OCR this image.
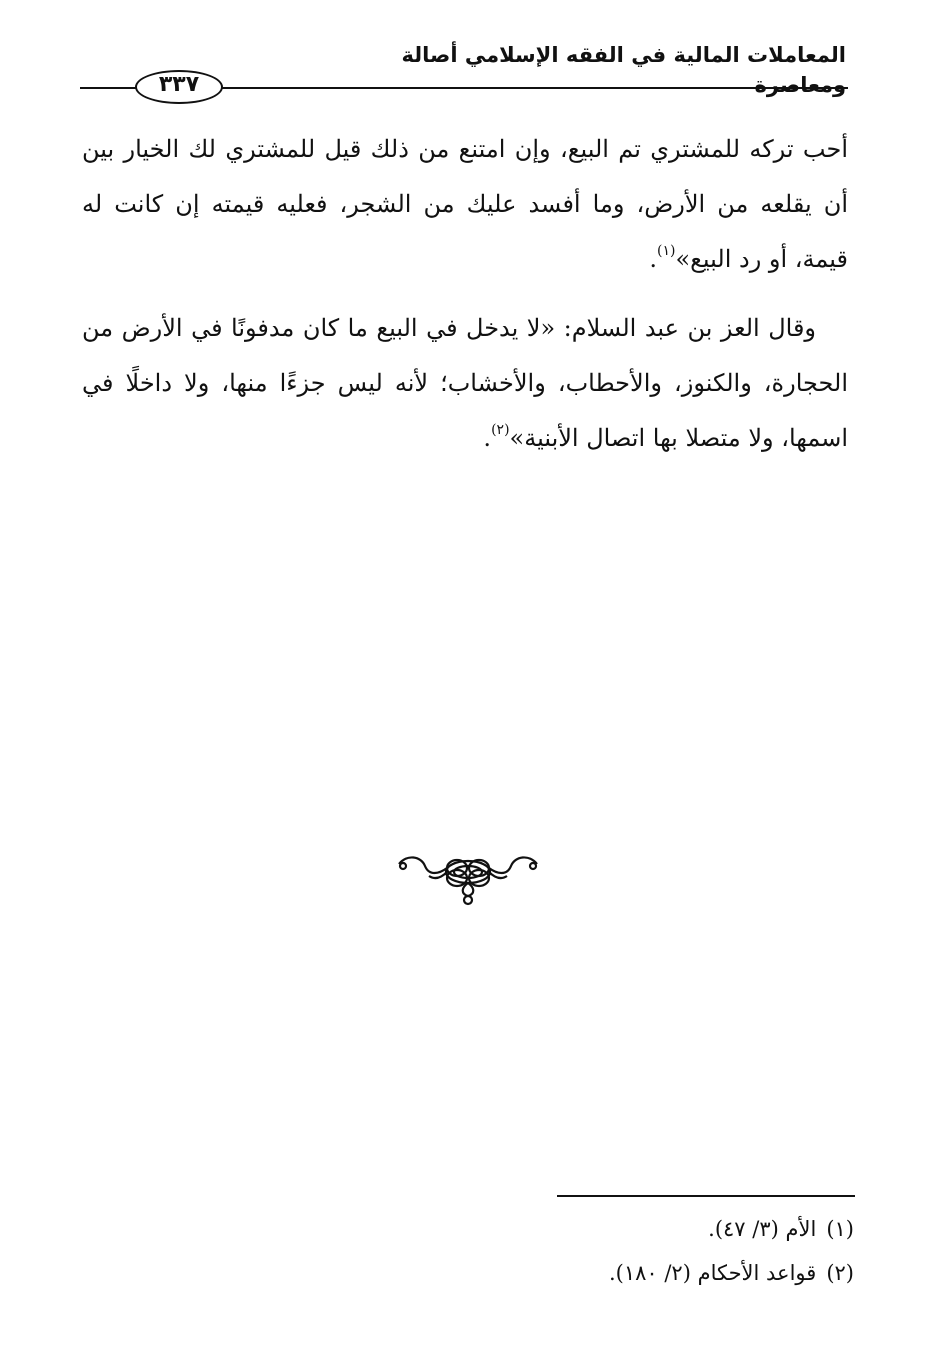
المعاملات المالية في الفقه الإسلامي أصالة ومعاصرة
٣٣٧

أحب تركه للمشتري تم البيع، وإن امتنع من ذلك قيل للمشتري لك الخيار بين أن يقلعه من الأرض، وما أفسد عليك من الشجر، فعليه قيمته إن كانت له قيمة، أو رد البيع»$^{(١)}$.

وقال العز بن عبد السلام: «لا يدخل في البيع ما كان مدفونًا في الأرض من الحجارة، والكنوز، والأحطاب، والأخشاب؛ لأنه ليس جزءًا منها، ولا داخلًا في اسمها، ولا متصلا بها اتصال الأبنية»$^{(٢)}$.

(١)الأم (٣/ ٤٧).

(٢)قواعد الأحكام (٢/ ١٨٠).
